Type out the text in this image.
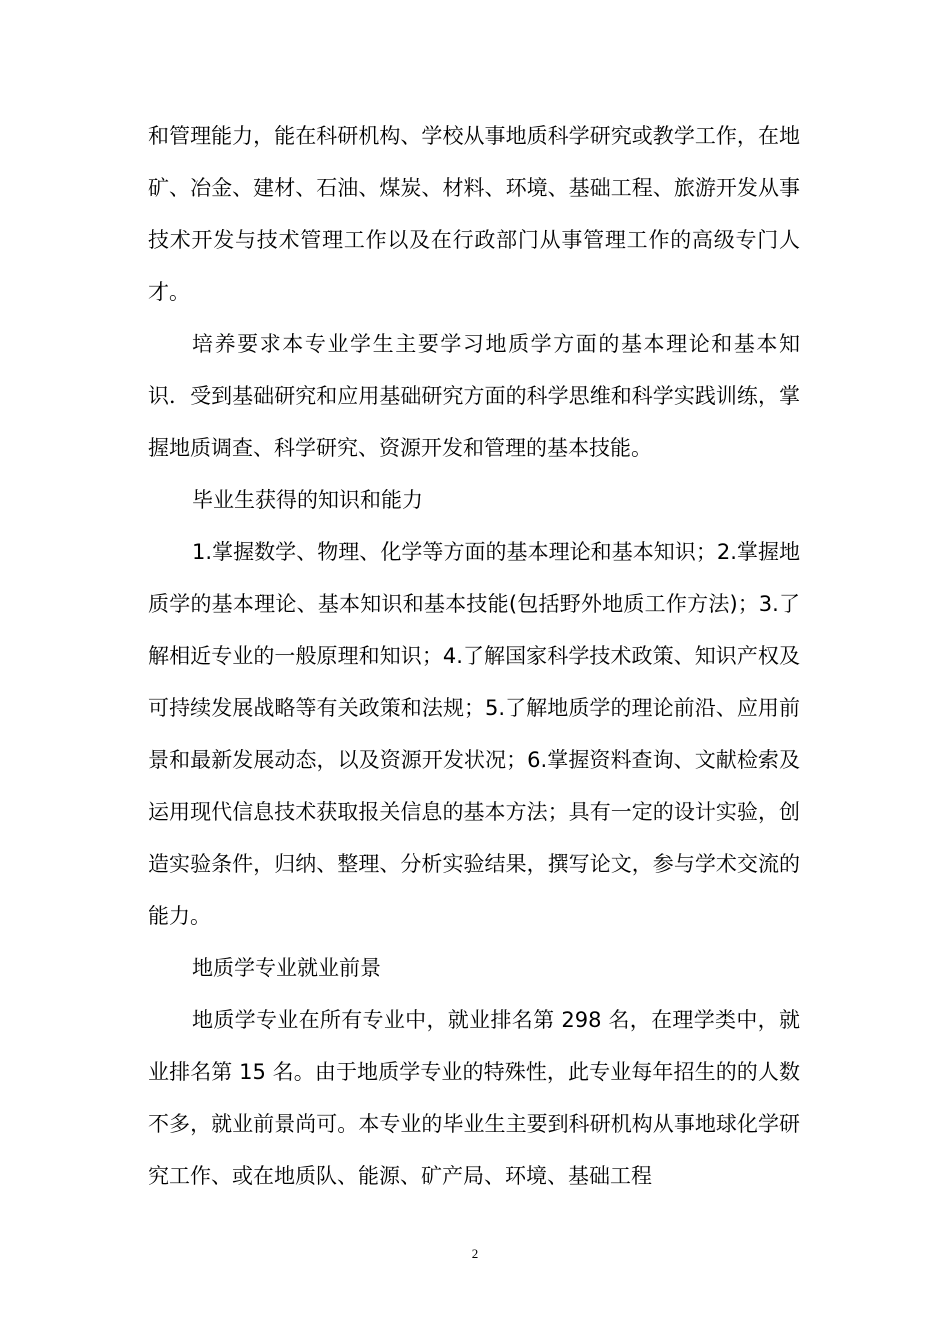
和管理能力，能在科研机构、学校从事地质科学研究或教学工作，在地矿、冶金、建材、石油、煤炭、材料、环境、基础工程、旅游开发从事技术开发与技术管理工作以及在行政部门从事管理工作的高级专门人才。

培养要求本专业学生主要学习地质学方面的基本理论和基本知识．受到基础研究和应用基础研究方面的科学思维和科学实践训练，掌握地质调查、科学研究、资源开发和管理的基本技能。

毕业生获得的知识和能力

1.掌握数学、物理、化学等方面的基本理论和基本知识；2.掌握地质学的基本理论、基本知识和基本技能(包括野外地质工作方法)；3.了解相近专业的一般原理和知识；4.了解国家科学技术政策、知识产权及可持续发展战略等有关政策和法规；5.了解地质学的理论前沿、应用前景和最新发展动态，以及资源开发状况；6.掌握资料查询、文献检索及运用现代信息技术获取报关信息的基本方法；具有一定的设计实验，创造实验条件，归纳、整理、分析实验结果，撰写论文，参与学术交流的能力。

地质学专业就业前景

地质学专业在所有专业中，就业排名第 298 名，在理学类中，就业排名第 15 名。由于地质学专业的特殊性，此专业每年招生的的人数不多，就业前景尚可。本专业的毕业生主要到科研机构从事地球化学研究工作、或在地质队、能源、矿产局、环境、基础工程

2
